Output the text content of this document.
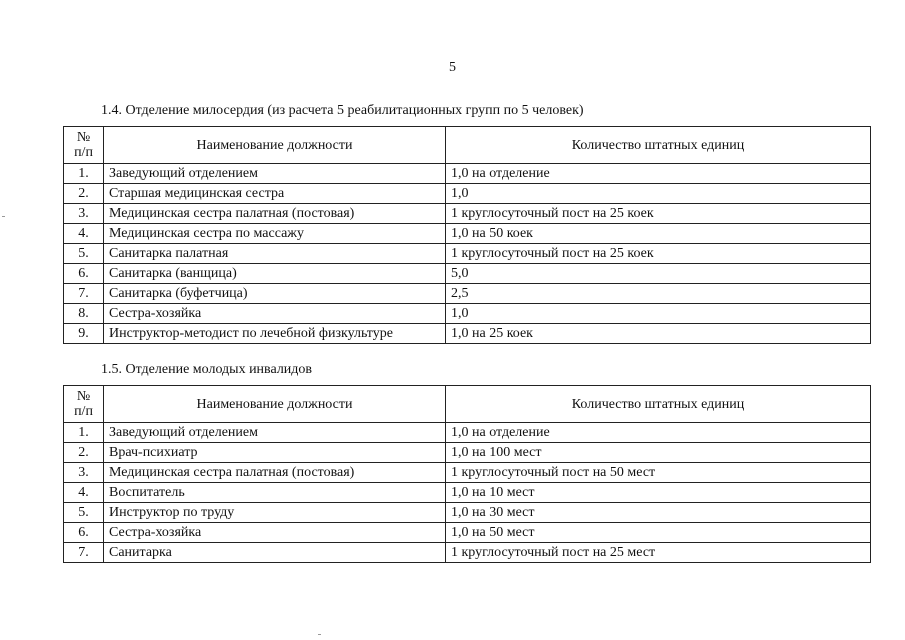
5
1.4. Отделение милосердия (из расчета 5 реабилитационных групп по 5 человек)
№
п/п	Наименование должности	Количество штатных единиц
1.	Заведующий отделением	1,0 на отделение
2.	Старшая медицинская сестра	1,0
3.	Медицинская сестра палатная (постовая)	1 круглосуточный пост на 25 коек
4.	Медицинская сестра по массажу	1,0 на 50 коек
5.	Санитарка палатная	1 круглосуточный пост на 25 коек
6.	Санитарка (ванщица)	5,0
7.	Санитарка (буфетчица)	2,5
8.	Сестра-хозяйка	1,0
9.	Инструктор-методист по лечебной физкультуре	1,0 на 25 коек
1.5. Отделение молодых инвалидов
№
п/п	Наименование должности	Количество штатных единиц
1.	Заведующий отделением	1,0 на отделение
2.	Врач-психиатр	1,0 на 100 мест
3.	Медицинская сестра палатная (постовая)	1 круглосуточный пост на 50 мест
4.	Воспитатель	1,0 на 10 мест
5.	Инструктор по труду	1,0 на 30 мест
6.	Сестра-хозяйка	1,0 на 50 мест
7.	Санитарка	1 круглосуточный пост на 25 мест
